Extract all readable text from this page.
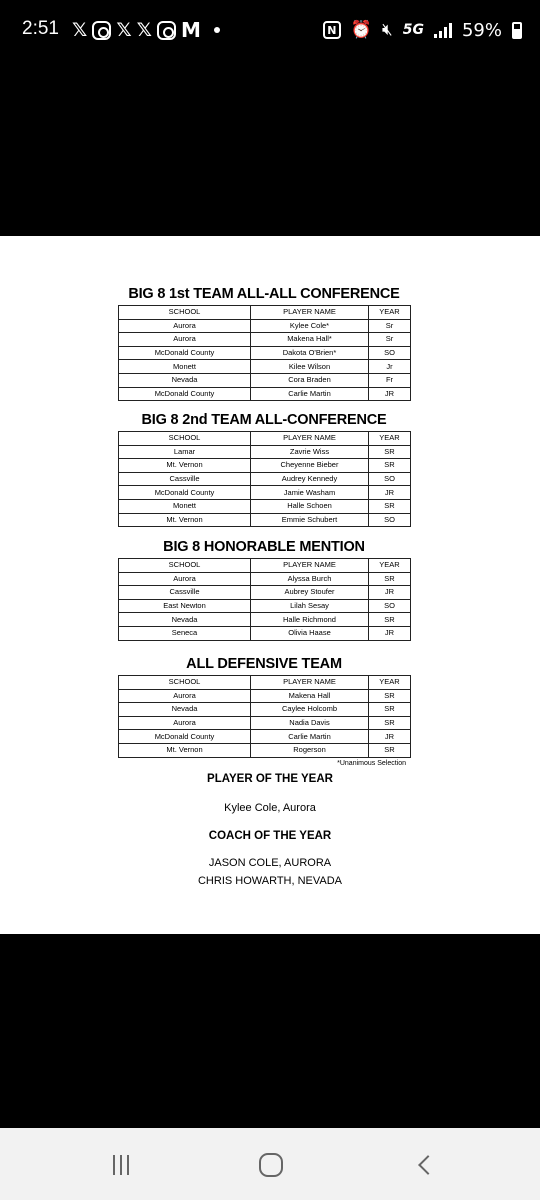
2:51 𝕏 𝕏 𝕏 M	N ⏰ 🔇︎ 5G 59%
BIG 8 1st TEAM ALL-ALL CONFERENCE
SCHOOL	PLAYER NAME	YEAR
Aurora	Kylee Cole*	Sr
Aurora	Makena Hall*	Sr
McDonald County	Dakota O'Brien*	SO
Monett	Kilee Wilson	Jr
Nevada	Cora Braden	Fr
McDonald County	Carlie Martin	JR
BIG 8 2nd TEAM ALL-CONFERENCE
SCHOOL	PLAYER NAME	YEAR
Lamar	Zavrie Wiss	SR
Mt. Vernon	Cheyenne Bieber	SR
Cassville	Audrey Kennedy	SO
McDonald County	Jamie Washam	JR
Monett	Halle Schoen	SR
Mt. Vernon	Emmie Schubert	SO
BIG 8 HONORABLE MENTION
SCHOOL	PLAYER NAME	YEAR
Aurora	Alyssa Burch	SR
Cassville	Aubrey Stoufer	JR
East Newton	Lilah Sesay	SO
Nevada	Halle Richmond	SR
Seneca	Olivia Haase	JR
ALL DEFENSIVE TEAM
SCHOOL	PLAYER NAME	YEAR
Aurora	Makena Hall	SR
Nevada	Caylee Holcomb	SR
Aurora	Nadia Davis	SR
McDonald County	Carlie Martin	JR
Mt. Vernon	Rogerson	SR
*Unanimous Selection
PLAYER OF THE YEAR
Kylee Cole, Aurora
COACH OF THE YEAR
JASON COLE, AURORA
CHRIS HOWARTH, NEVADA
